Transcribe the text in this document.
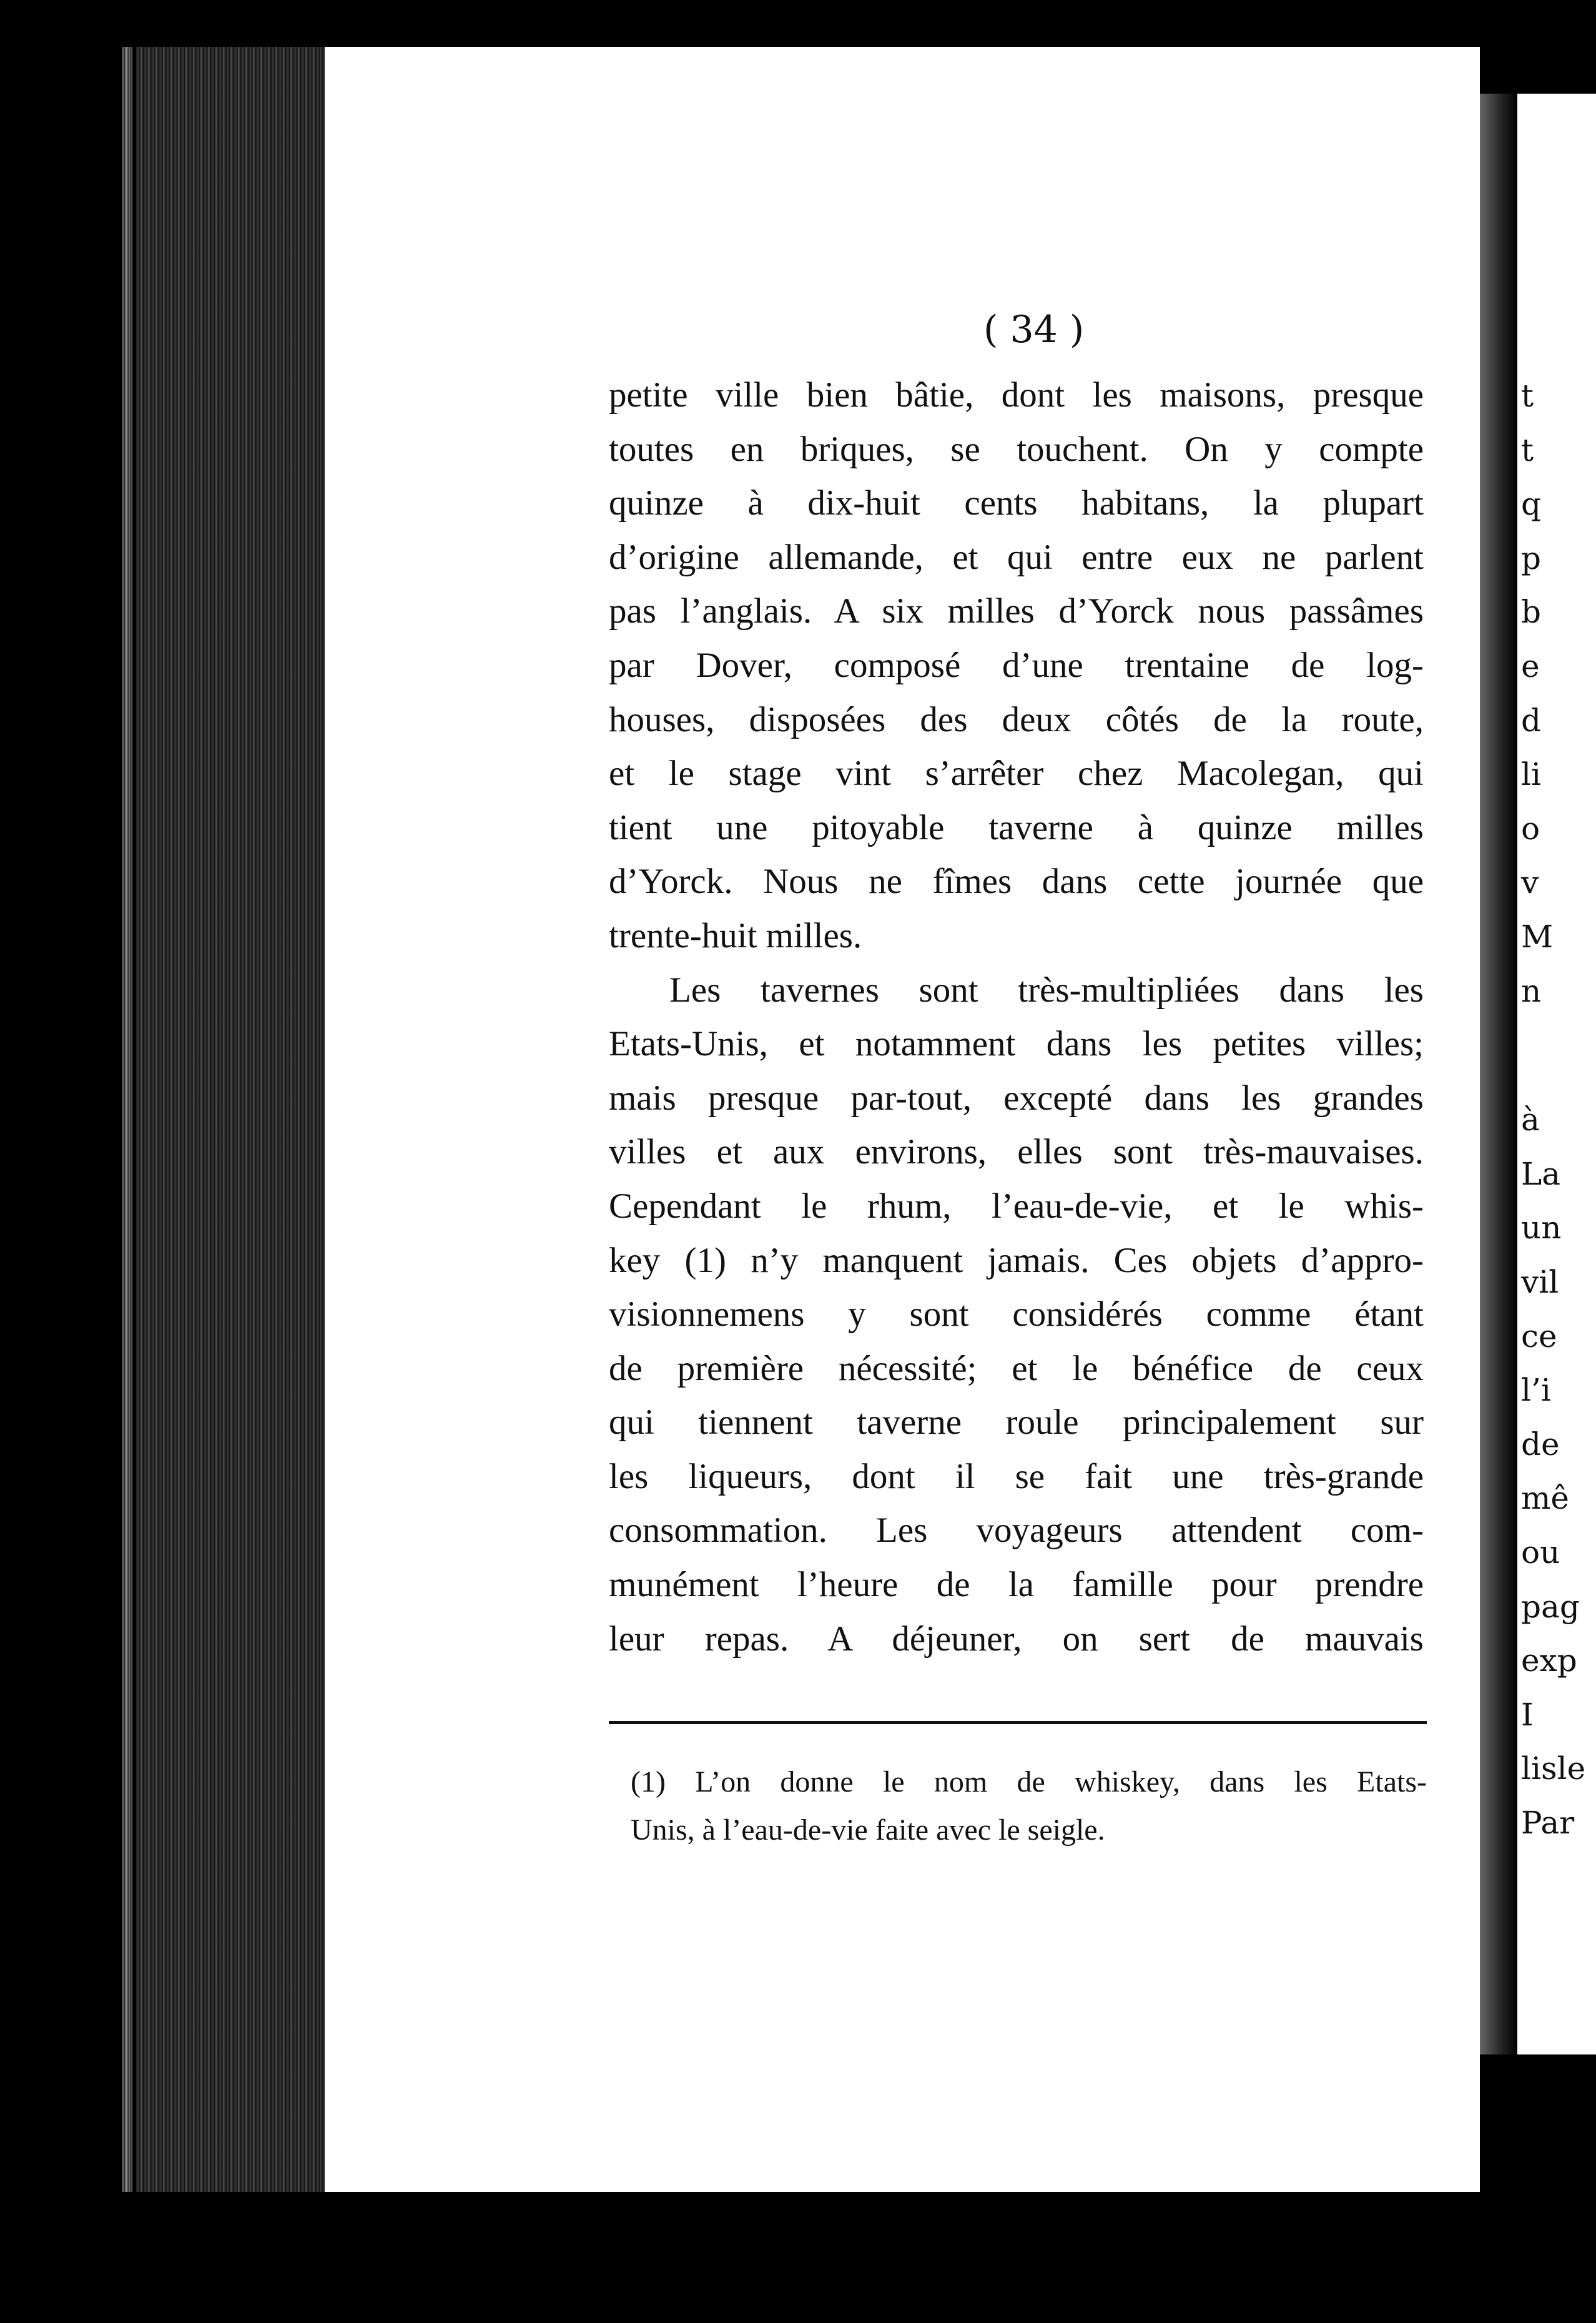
t
t
q
p
b
e
d
li
o
v
M
n
à
La
un
vil
ce
l’i
de
mê
ou
pag
exp
I
lisle
Par
( 34 )
petite ville bien bâtie, dont les maisons, presque
toutes en briques, se touchent. On y compte
quinze à dix-huit cents habitans, la plupart
d’origine allemande, et qui entre eux ne parlent
pas l’anglais. A six milles d’Yorck nous passâmes
par Dover, composé d’une trentaine de log-
houses, disposées des deux côtés de la route,
et le stage vint s’arrêter chez Macolegan, qui
tient une pitoyable taverne à quinze milles
d’Yorck. Nous ne fîmes dans cette journée que
trente-huit milles.
Les tavernes sont très-multipliées dans les
Etats-Unis, et notamment dans les petites villes;
mais presque par-tout, excepté dans les grandes
villes et aux environs, elles sont très-mauvaises.
Cependant le rhum, l’eau-de-vie, et le whis-
key (1) n’y manquent jamais. Ces objets d’appro-
visionnemens y sont considérés comme étant
de première nécessité; et le bénéfice de ceux
qui tiennent taverne roule principalement sur
les liqueurs, dont il se fait une très-grande
consommation. Les voyageurs attendent com-
munément l’heure de la famille pour prendre
leur repas. A déjeuner, on sert de mauvais
(1) L’on donne le nom de whiskey, dans les Etats-
Unis, à l’eau-de-vie faite avec le seigle.
